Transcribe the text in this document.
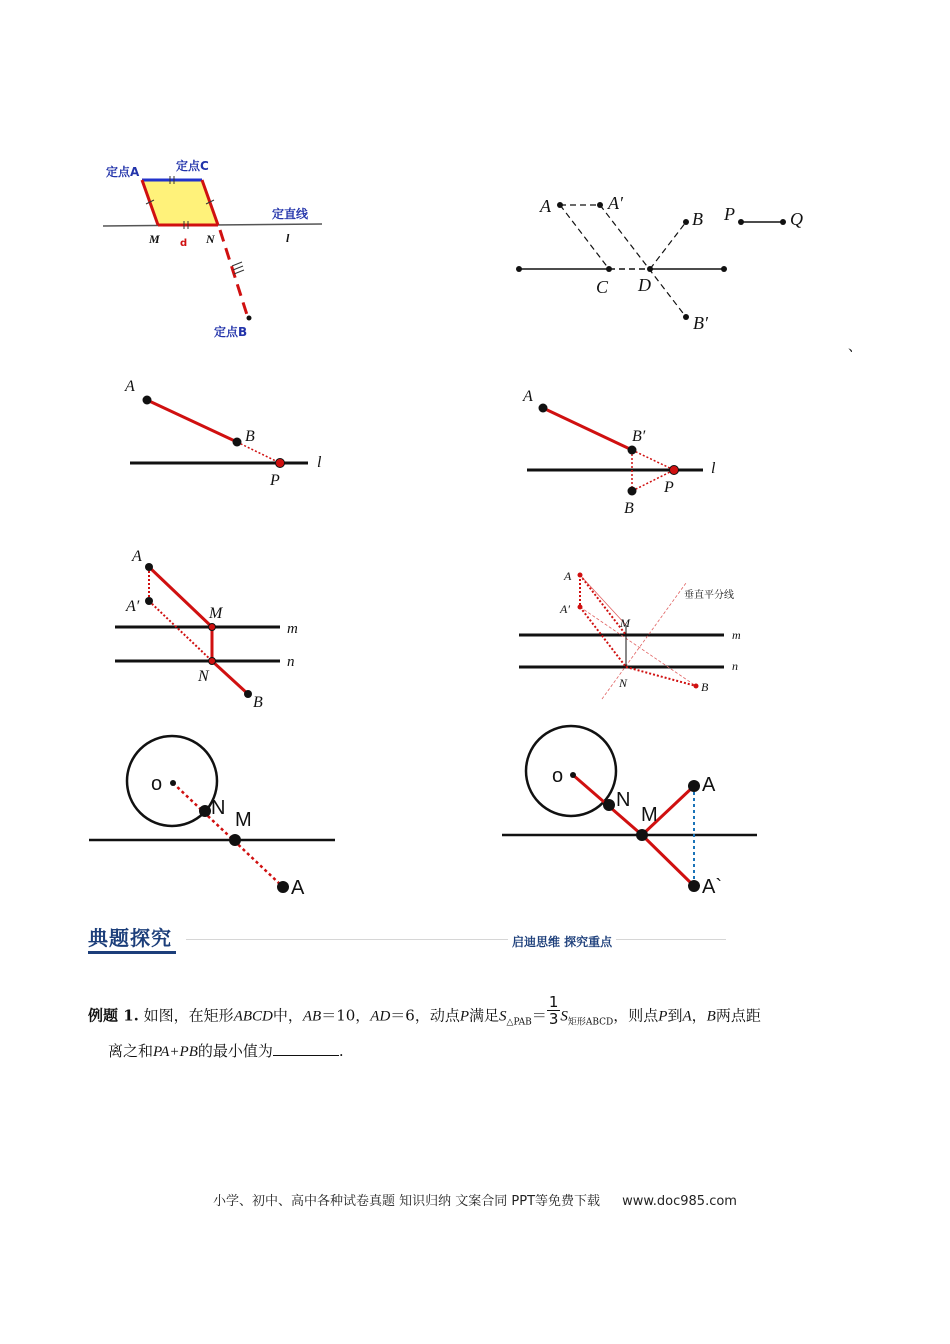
定点A	定点C
定直线
定点B
M	N
d	l
A	A′
B P	Q
C D
B′
、
A
B
P
l
A
B′
P
l
B
A
A′	M
m
n
N
B
A
A′
垂直平分线
M
m
n
N	B
o
N
M
A
o
N
M
A
A`
典题探究	启迪思维 探究重点
例题 1. 如图，在矩形ABCD中，AB＝10，AD＝6，动点P满足$S_{\triangle PAB}= \frac{1}{3} S_{矩形ABCD}$，则点P到A，B两点距
离之和PA+PB的最小值为	.
小学、初中、高中各种试卷真题 知识归纳 文案合同 PPT等免费下载 www.doc985.com
